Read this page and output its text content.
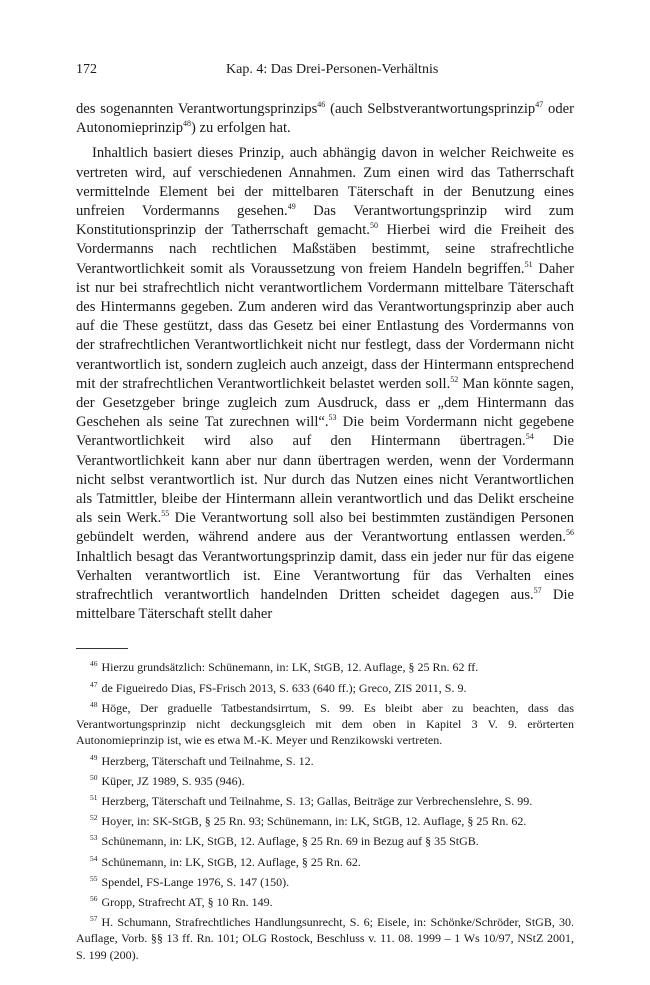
172	Kap. 4: Das Drei-Personen-Verhältnis

des sogenannten Verantwortungsprinzips$^{46}$ (auch Selbstverantwortungsprinzip$^{47}$ oder Autonomieprinzip$^{48}$) zu erfolgen hat.

Inhaltlich basiert dieses Prinzip, auch abhängig davon in welcher Reichweite es vertreten wird, auf verschiedenen Annahmen. Zum einen wird das Tatherrschaft vermittelnde Element bei der mittelbaren Täterschaft in der Benutzung eines unfreien Vordermanns gesehen.$^{49}$ Das Verantwortungsprinzip wird zum Konstitutionsprinzip der Tatherrschaft gemacht.$^{50}$ Hierbei wird die Freiheit des Vordermanns nach rechtlichen Maßstäben bestimmt, seine strafrechtliche Verantwortlichkeit somit als Voraussetzung von freiem Handeln begriffen.$^{51}$ Daher ist nur bei strafrechtlich nicht verantwortlichem Vordermann mittelbare Täterschaft des Hintermanns gegeben. Zum anderen wird das Verantwortungsprinzip aber auch auf die These gestützt, dass das Gesetz bei einer Entlastung des Vordermanns von der strafrechtlichen Verantwortlichkeit nicht nur festlegt, dass der Vordermann nicht verantwortlich ist, sondern zugleich auch anzeigt, dass der Hintermann entsprechend mit der strafrechtlichen Verantwortlichkeit belastet werden soll.$^{52}$ Man könnte sagen, der Gesetzgeber bringe zugleich zum Ausdruck, dass er „dem Hintermann das Geschehen als seine Tat zurechnen will“.$^{53}$ Die beim Vordermann nicht gegebene Verantwortlichkeit wird also auf den Hintermann übertragen.$^{54}$ Die Verantwortlichkeit kann aber nur dann übertragen werden, wenn der Vordermann nicht selbst verantwortlich ist. Nur durch das Nutzen eines nicht Verantwortlichen als Tatmittler, bleibe der Hintermann allein verantwortlich und das Delikt erscheine als sein Werk.$^{55}$ Die Verantwortung soll also bei bestimmten zuständigen Personen gebündelt werden, während andere aus der Verantwortung entlassen werden.$^{56}$ Inhaltlich besagt das Verantwortungsprinzip damit, dass ein jeder nur für das eigene Verhalten verantwortlich ist. Eine Verantwortung für das Verhalten eines strafrechtlich verantwortlich handelnden Dritten scheidet dagegen aus.$^{57}$ Die mittelbare Täterschaft stellt daher

$^{46}$ Hierzu grundsätzlich: Schünemann, in: LK, StGB, 12. Auflage, § 25 Rn. 62 ff.

$^{47}$ de Figueiredo Dias, FS-Frisch 2013, S. 633 (640 ff.); Greco, ZIS 2011, S. 9.

$^{48}$ Höge, Der graduelle Tatbestandsirrtum, S. 99. Es bleibt aber zu beachten, dass das Verantwortungsprinzip nicht deckungsgleich mit dem oben in Kapitel 3 V. 9. erörterten Autonomieprinzip ist, wie es etwa M.-K. Meyer und Renzikowski vertreten.

$^{49}$ Herzberg, Täterschaft und Teilnahme, S. 12.

$^{50}$ Küper, JZ 1989, S. 935 (946).

$^{51}$ Herzberg, Täterschaft und Teilnahme, S. 13; Gallas, Beiträge zur Verbrechenslehre, S. 99.

$^{52}$ Hoyer, in: SK-StGB, § 25 Rn. 93; Schünemann, in: LK, StGB, 12. Auflage, § 25 Rn. 62.

$^{53}$ Schünemann, in: LK, StGB, 12. Auflage, § 25 Rn. 69 in Bezug auf § 35 StGB.

$^{54}$ Schünemann, in: LK, StGB, 12. Auflage, § 25 Rn. 62.

$^{55}$ Spendel, FS-Lange 1976, S. 147 (150).

$^{56}$ Gropp, Strafrecht AT, § 10 Rn. 149.

$^{57}$ H. Schumann, Strafrechtliches Handlungsunrecht, S. 6; Eisele, in: Schönke/Schröder, StGB, 30. Auflage, Vorb. §§ 13 ff. Rn. 101; OLG Rostock, Beschluss v. 11. 08. 1999 – 1 Ws 10/97, NStZ 2001, S. 199 (200).
